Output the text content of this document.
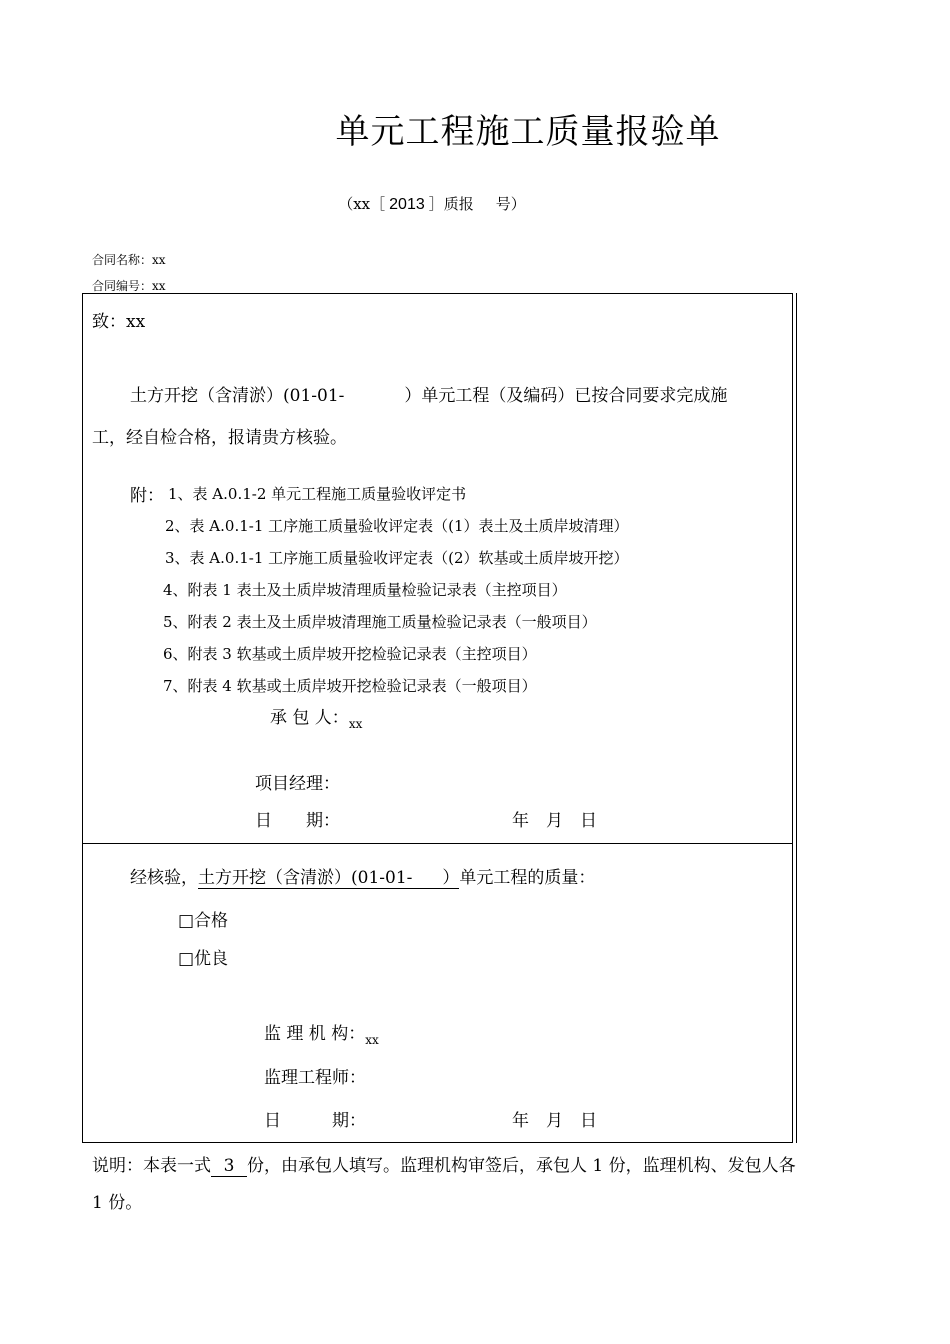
单元工程施工质量报验单
（xx［ 2013 ］质报 号）
合同名称：xx
合同编号：xx
致：xx
土方开挖（含清淤）(01-01-	）单元工程（及编码）已按合同要求完成施
工，经自检合格，报请贵方核验。
附： 1、表 A.0.1-2 单元工程施工质量验收评定书
2、表 A.0.1-1 工序施工质量验收评定表（(1）表土及土质岸坡清理）
3、表 A.0.1-1 工序施工质量验收评定表（(2）软基或土质岸坡开挖）
4、附表 1 表土及土质岸坡清理质量检验记录表（主控项目）
5、附表 2 表土及土质岸坡清理施工质量检验记录表（一般项目）
6、附表 3 软基或土质岸坡开挖检验记录表（主控项目）
7、附表 4 软基或土质岸坡开挖检验记录表（一般项目）
承 包 人：$_{xx}$
项目经理：
日　　期：	年　月　日
经核验，土方开挖（含清淤）(01-01- ）单元工程的质量：
□合格
□优良
监 理 机 构：$_{xx}$
监理工程师：
日　　　期：	年　月　日
说明：本表一式 3 份，由承包人填写。监理机构审签后，承包人 1 份，监理机构、发包人各
1 份。
